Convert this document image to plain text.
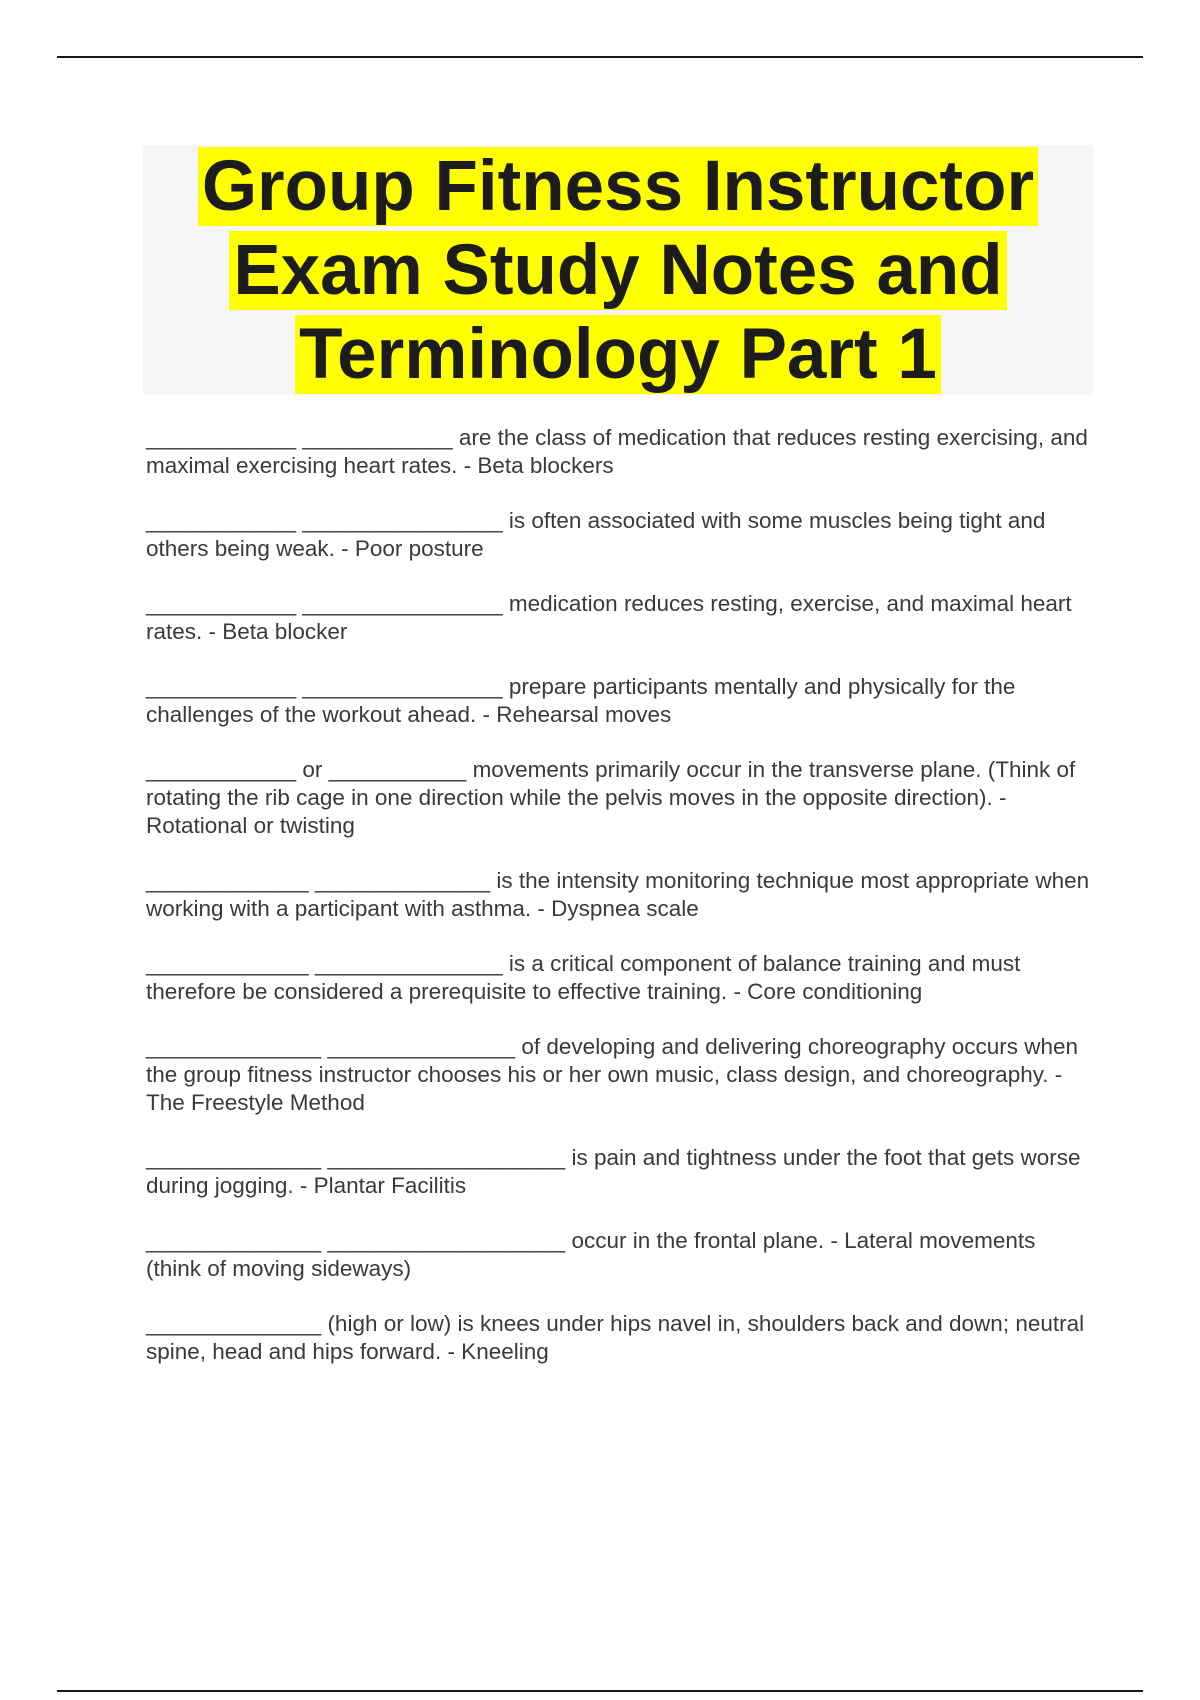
Group Fitness Instructor
Exam Study Notes and
Terminology Part 1
____________ ____________ are the class of medication that reduces resting exercising, and maximal exercising heart rates. - Beta blockers
____________ ________________ is often associated with some muscles being tight and others being weak. - Poor posture
____________ ________________ medication reduces resting, exercise, and maximal heart rates. - Beta blocker
____________ ________________ prepare participants mentally and physically for the challenges of the workout ahead. - Rehearsal moves
____________ or ___________ movements primarily occur in the transverse plane. (Think of rotating the rib cage in one direction while the pelvis moves in the opposite direction). - Rotational or twisting
_____________ ______________ is the intensity monitoring technique most appropriate when working with a participant with asthma. - Dyspnea scale
_____________ _______________ is a critical component of balance training and must therefore be considered a prerequisite to effective training. - Core conditioning
______________ _______________ of developing and delivering choreography occurs when the group fitness instructor chooses his or her own music, class design, and choreography. - The Freestyle Method
______________ ___________________ is pain and tightness under the foot that gets worse during jogging. - Plantar Facilitis
______________ ___________________ occur in the frontal plane. - Lateral movements (think of moving sideways)
______________ (high or low) is knees under hips navel in, shoulders back and down; neutral spine, head and hips forward. - Kneeling
